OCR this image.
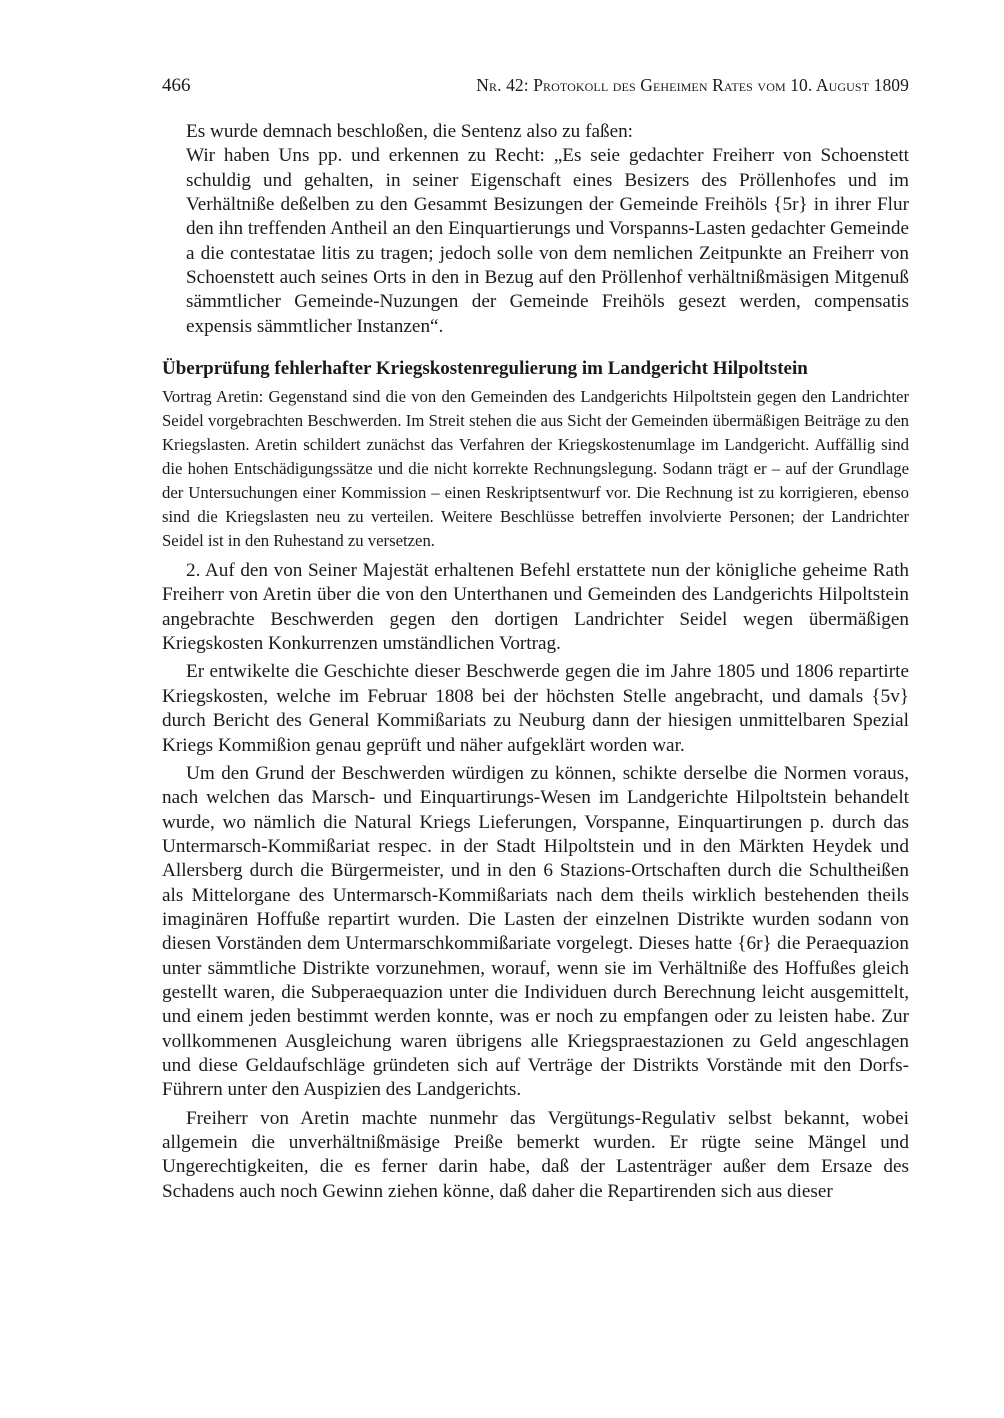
466	Nr. 42: Protokoll des Geheimen Rates vom 10. August 1809

Es wurde demnach beschloßen, die Sentenz also zu faßen:

Wir haben Uns pp. und erkennen zu Recht: „Es seie gedachter Freiherr von Schoenstett schuldig und gehalten, in seiner Eigenschaft eines Besizers des Pröllenhofes und im Verhältniße deßelben zu den Gesammt Besizungen der Gemeinde Freihöls {5r} in ihrer Flur den ihn treffenden Antheil an den Einquartierungs und Vorspanns-Lasten gedachter Gemeinde a die contestatae litis zu tragen; jedoch solle von dem nemlichen Zeitpunkte an Freiherr von Schoenstett auch seines Orts in den in Bezug auf den Pröllenhof verhältnißmäsigen Mitgenuß sämmtlicher Gemeinde-Nuzungen der Gemeinde Freihöls gesezt werden, compensatis expensis sämmtlicher Instanzen“.

Überprüfung fehlerhafter Kriegskostenregulierung im Landgericht Hilpoltstein

Vortrag Aretin: Gegenstand sind die von den Gemeinden des Landgerichts Hilpoltstein gegen den Landrichter Seidel vorgebrachten Beschwerden. Im Streit stehen die aus Sicht der Gemeinden übermäßigen Beiträge zu den Kriegslasten. Aretin schildert zunächst das Verfahren der Kriegskostenumlage im Landgericht. Auffällig sind die hohen Entschädigungssätze und die nicht korrekte Rechnungslegung. Sodann trägt er – auf der Grundlage der Untersuchungen einer Kommission – einen Reskriptsentwurf vor. Die Rechnung ist zu korrigieren, ebenso sind die Kriegslasten neu zu verteilen. Weitere Beschlüsse betreffen involvierte Personen; der Landrichter Seidel ist in den Ruhestand zu versetzen.

2. Auf den von Seiner Majestät erhaltenen Befehl erstattete nun der königliche geheime Rath Freiherr von Aretin über die von den Unterthanen und Gemeinden des Landgerichts Hilpoltstein angebrachte Beschwerden gegen den dortigen Landrichter Seidel wegen übermäßigen Kriegskosten Konkurrenzen umständlichen Vortrag.

Er entwikelte die Geschichte dieser Beschwerde gegen die im Jahre 1805 und 1806 repartirte Kriegskosten, welche im Februar 1808 bei der höchsten Stelle angebracht, und damals {5v} durch Bericht des General Kommißariats zu Neuburg dann der hiesigen unmittelbaren Spezial Kriegs Kommißion genau geprüft und näher aufgeklärt worden war.

Um den Grund der Beschwerden würdigen zu können, schikte derselbe die Normen voraus, nach welchen das Marsch- und Einquartirungs-Wesen im Landgerichte Hilpoltstein behandelt wurde, wo nämlich die Natural Kriegs Lieferungen, Vorspanne, Einquartirungen p. durch das Untermarsch-Kommißariat respec. in der Stadt Hilpoltstein und in den Märkten Heydek und Allersberg durch die Bürgermeister, und in den 6 Stazions-Ortschaften durch die Schultheißen als Mittelorgane des Untermarsch-Kommißariats nach dem theils wirklich bestehenden theils imaginären Hoffuße repartirt wurden. Die Lasten der einzelnen Distrikte wurden sodann von diesen Vorständen dem Untermarschkommißariate vorgelegt. Dieses hatte {6r} die Peraequazion unter sämmtliche Distrikte vorzunehmen, worauf, wenn sie im Verhältniße des Hoffußes gleich gestellt waren, die Subperaequazion unter die Individuen durch Berechnung leicht ausgemittelt, und einem jeden bestimmt werden konnte, was er noch zu empfangen oder zu leisten habe. Zur vollkommenen Ausgleichung waren übrigens alle Kriegspraestazionen zu Geld angeschlagen und diese Geldaufschläge gründeten sich auf Verträge der Distrikts Vorstände mit den Dorfs-Führern unter den Auspizien des Landgerichts.

Freiherr von Aretin machte nunmehr das Vergütungs-Regulativ selbst bekannt, wobei allgemein die unverhältnißmäsige Preiße bemerkt wurden. Er rügte seine Mängel und Ungerechtigkeiten, die es ferner darin habe, daß der Lastenträger außer dem Ersaze des Schadens auch noch Gewinn ziehen könne, daß daher die Repartirenden sich aus dieser
